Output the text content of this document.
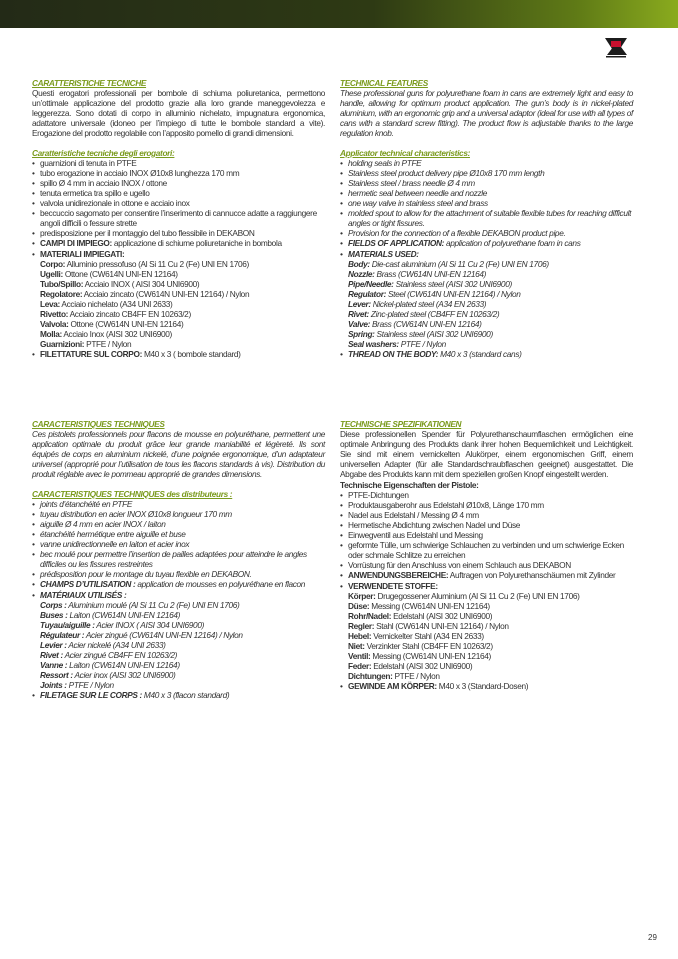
CARATTERISTICHE TECNICHE
Questi erogatori professionali per bombole di schiuma poliuretanica, permettono un’ottimale applicazione del prodotto grazie alla loro grande maneggevolezza e leggerezza. Sono dotati di corpo in alluminio nichelato, impugnatura ergonomica, adattatore universale (idoneo per l’impiego di tutte le bombole standard a vite). Erogazione del prodotto regolabile con l’apposito pomello di grandi dimensioni.
Caratteristiche tecniche degli erogatori:
• guarnizioni di tenuta in PTFE
• tubo erogazione in acciaio INOX Ø10x8 lunghezza 170 mm
• spillo Ø 4 mm in acciaio INOX / ottone
• tenuta ermetica tra spillo e ugello
• valvola unidirezionale in ottone e acciaio inox
• beccuccio sagomato per consentire l’inserimento di cannucce adatte a raggiungere angoli difficili o fessure strette
• predisposizione per il montaggio del tubo flessibile in DEKABON
• CAMPI DI IMPIEGO: applicazione di schiume poliuretaniche in bombola
• MATERIALI IMPIEGATI:
Corpo: Alluminio pressofuso (Al Si 11 Cu 2 (Fe) UNI EN 1706)
Ugelli: Ottone (CW614N UNI-EN 12164)
Tubo/Spillo: Acciaio INOX ( AISI 304 UNI6900)
Regolatore: Acciaio zincato (CW614N UNI-EN 12164) / Nylon
Leva: Acciaio nichelato (A34 UNI 2633)
Rivetto: Acciaio zincato CB4FF EN 10263/2)
Valvola: Ottone (CW614N UNI-EN 12164)
Molla: Acciaio Inox (AISI 302 UNI6900)
Guarnizioni: PTFE / Nylon
• FILETTATURE SUL CORPO: M40 x 3 ( bombole standard)
TECHNICAL FEATURES
These professional guns for polyurethane foam in cans are extremely light and easy to handle, allowing for optimum product application. The gun’s body is in nickel-plated aluminium, with an ergonomic grip and a universal adaptor (ideal for use with all types of cans with a standard screw fitting). The product flow is adjustable thanks to the large regulation knob.
Applicator technical characteristics:
• holding seals in PTFE
• Stainless steel product delivery pipe Ø10x8 170 mm length
• Stainless steel / brass needle Ø 4 mm
• hermetic seal between needle and nozzle
• one way valve in stainless steel and brass
• molded spout to allow for the attachment of suitable flexible tubes for reaching difficult angles or tight fissures.
• Provision for the connection of a flexible DEKABON product pipe.
• FIELDS OF APPLICATION: application of polyurethane foam in cans
• MATERIALS USED:
Body: Die-cast aluminium (Al Si 11 Cu 2 (Fe) UNI EN 1706)
Nozzle: Brass (CW614N UNI-EN 12164)
Pipe/Needle: Stainless steel (AISI 302 UNI6900)
Regulator: Steel (CW614N UNI-EN 12164) / Nylon
Lever: Nickel-plated steel (A34 EN 2633)
Rivet: Zinc-plated steel (CB4FF EN 10263/2)
Valve: Brass (CW614N UNI-EN 12164)
Spring: Stainless steel (AISI 302 UNI6900)
Seal washers: PTFE / Nylon
• THREAD ON THE BODY: M40 x 3 (standard cans)
CARACTERISTIQUES TECHNIQUES
Ces pistolets professionnels pour flacons de mousse en polyuréthane, permettent une application optimale du produit grâce leur grande maniabilité et légèreté. Ils sont équipés de corps en aluminium nickelé, d’une poignée ergonomique, d’un adaptateur universel (approprié pour l’utilisation de tous les flacons standards à vis). Distribution du produit réglable avec le pommeau approprié de grandes dimensions.
CARACTERISTIQUES TECHNIQUES des distributeurs :
• joints d’étanchéité en PTFE
• tuyau distribution en acier INOX Ø10x8 longueur 170 mm
• aiguille Ø 4 mm en acier INOX / laiton
• étanchéité hermétique entre aiguille et buse
• vanne unidirectionnelle en laiton et acier inox
• bec moulé pour permettre l’insertion de pailles adaptées pour atteindre le angles difficiles ou les fissures restreintes
• prédisposition pour le montage du tuyau flexible en DEKABON.
• CHAMPS D’UTILISATION : application de mousses en polyuréthane en flacon
• MATÉRIAUX UTILISÉS :
Corps : Aluminium moulé (Al Si 11 Cu 2 (Fe) UNI EN 1706)
Buses : Laiton (CW614N UNI-EN 12164)
Tuyau/aiguille : Acier INOX ( AISI 304 UNI6900)
Régulateur : Acier zingué (CW614N UNI-EN 12164) / Nylon
Levier : Acier nickelé (A34 UNI 2633)
Rivet : Acier zingué CB4FF EN 10263/2)
Vanne : Laiton (CW614N UNI-EN 12164)
Ressort : Acier inox (AISI 302 UNI6900)
Joints : PTFE / Nylon
• FILETAGE SUR LE CORPS : M40 x 3 (flacon standard)
TECHNISCHE SPEZIFIKATIONEN
Diese professionellen Spender für Polyurethanschaumflaschen ermöglichen eine optimale Anbringung des Produkts dank ihrer hohen Bequemlichkeit und Leichtigkeit. Sie sind mit einem vernickelten Alukörper, einem ergonomischen Griff, einem universellen Adapter (für alle Standardschraubflaschen geeignet) ausgestattet. Die Abgabe des Produkts kann mit dem speziellen großen Knopf eingestellt werden.
Technische Eigenschaften der Pistole:
• PTFE-Dichtungen
• Produktausgaberohr aus Edelstahl Ø10x8, Länge 170 mm
• Nadel aus Edelstahl / Messing Ø 4 mm
• Hermetische Abdichtung zwischen Nadel und Düse
• Einwegventil aus Edelstahl und Messing
• geformte Tülle, um schwierige Schlauchen zu verbinden und um schwierige Ecken oder schmale Schlitze zu erreichen
• Vorrüstung für den Anschluss von einem Schlauch aus DEKABON
• ANWENDUNGSBEREICHE: Auftragen von Polyurethanschäumen mit Zylinder
• VERWENDETE STOFFE:
Körper: Drugegossener Aluminium (Al Si 11 Cu 2 (Fe) UNI EN 1706)
Düse: Messing (CW614N UNI-EN 12164)
Rohr/Nadel: Edelstahl (AISI 302 UNI6900)
Regler: Stahl (CW614N UNI-EN 12164) / Nylon
Hebel: Vernickelter Stahl (A34 EN 2633)
Niet: Verzinkter Stahl (CB4FF EN 10263/2)
Ventil: Messing (CW614N UNI-EN 12164)
Feder: Edelstahl (AISI 302 UNI6900)
Dichtungen: PTFE / Nylon
• GEWINDE AM KÖRPER: M40 x 3 (Standard-Dosen)
29
